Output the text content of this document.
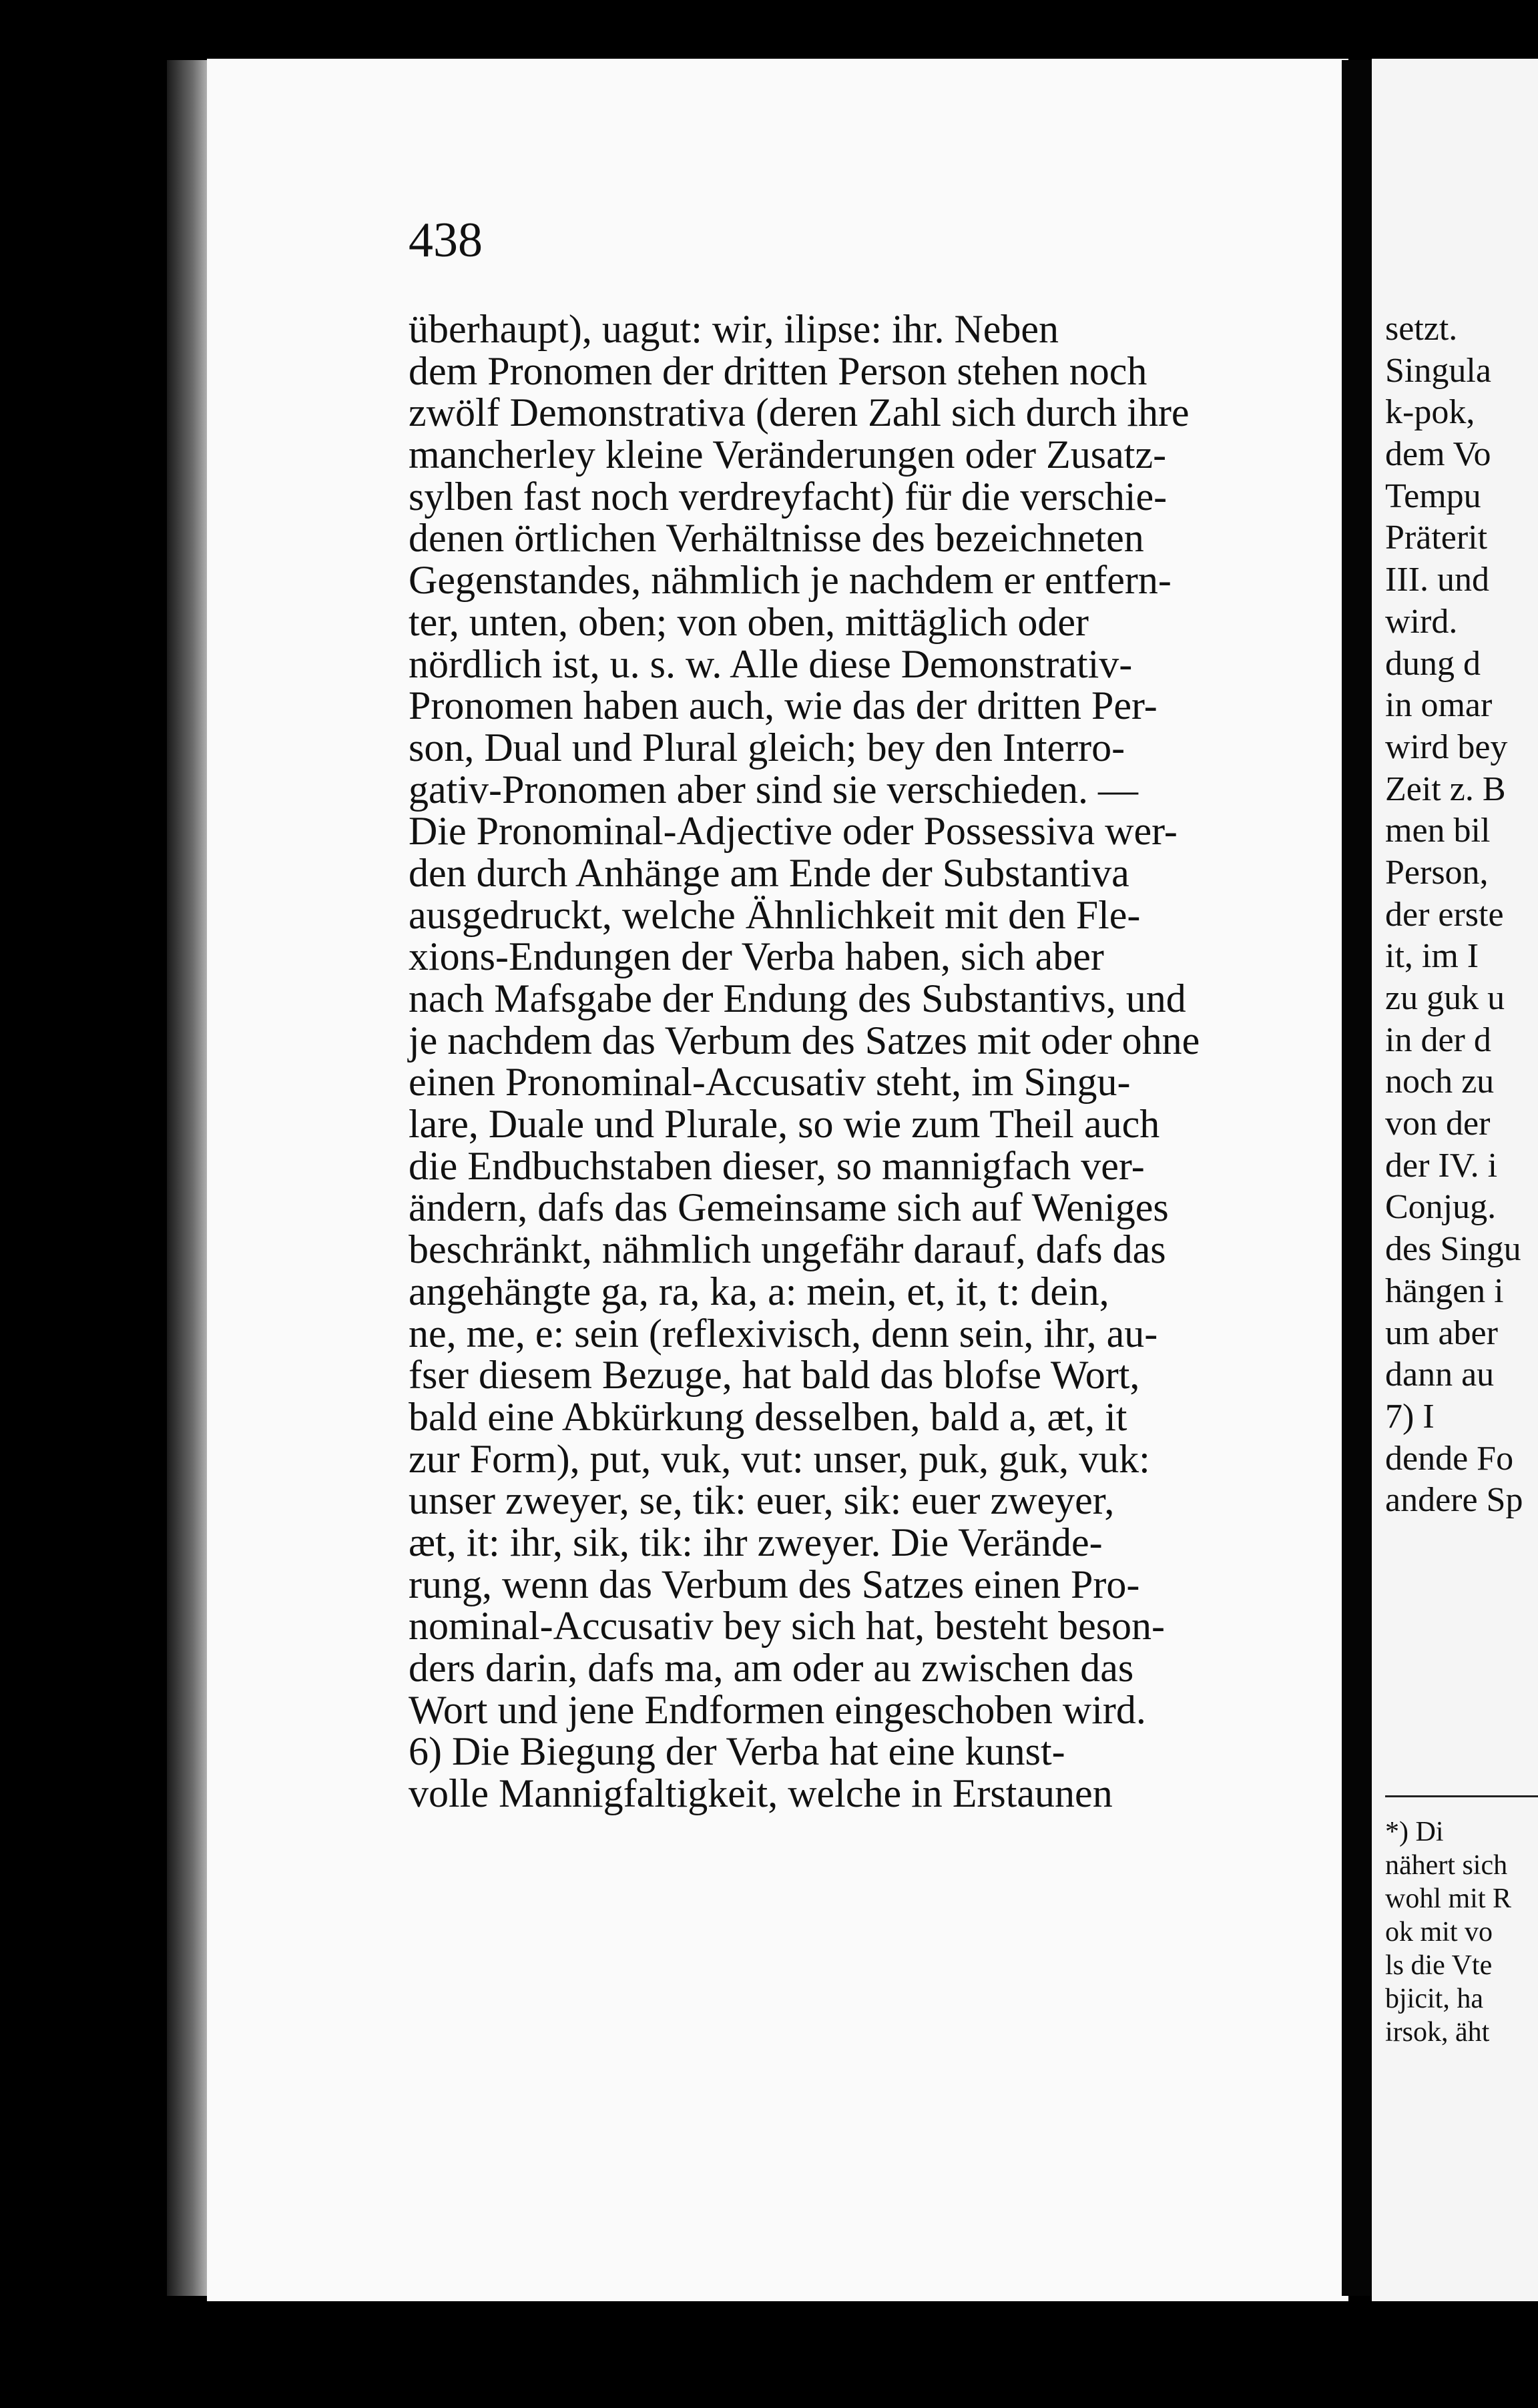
438
überhaupt), uagut: wir, ilipse: ihr. Neben
dem Pronomen der dritten Person stehen noch
zwölf Demonstrativa (deren Zahl sich durch ihre
mancherley kleine Veränderungen oder Zusatz-
sylben fast noch verdreyfacht) für die verschie-
denen örtlichen Verhältnisse des bezeichneten
Gegenstandes, nähmlich je nachdem er entfern-
ter, unten, oben; von oben, mittäglich oder
nördlich ist, u. s. w. Alle diese Demonstrativ-
Pronomen haben auch, wie das der dritten Per-
son, Dual und Plural gleich; bey den Interro-
gativ-Pronomen aber sind sie verschieden. —
Die Pronominal-Adjective oder Possessiva wer-
den durch Anhänge am Ende der Substantiva
ausgedruckt, welche Ähnlichkeit mit den Fle-
xions-Endungen der Verba haben, sich aber
nach Mafsgabe der Endung des Substantivs, und
je nachdem das Verbum des Satzes mit oder ohne
einen Pronominal-Accusativ steht, im Singu-
lare, Duale und Plurale, so wie zum Theil auch
die Endbuchstaben dieser, so mannigfach ver-
ändern, dafs das Gemeinsame sich auf Weniges
beschränkt, nähmlich ungefähr darauf, dafs das
angehängte ga, ra, ka, a: mein, et, it, t: dein,
ne, me, e: sein (reflexivisch, denn sein, ihr, au-
fser diesem Bezuge, hat bald das blofse Wort,
bald eine Abkürkung desselben, bald a, æt, it
zur Form), put, vuk, vut: unser, puk, guk, vuk:
unser zweyer, se, tik: euer, sik: euer zweyer,
æt, it: ihr, sik, tik: ihr zweyer. Die Verände-
rung, wenn das Verbum des Satzes einen Pro-
nominal-Accusativ bey sich hat, besteht beson-
ders darin, dafs ma, am oder au zwischen das
Wort und jene Endformen eingeschoben wird.
6) Die Biegung der Verba hat eine kunst-
volle Mannigfaltigkeit, welche in Erstaunen
setzt.
Singula
k-pok,
dem Vo
Tempu
Präterit
III. und
wird.
dung d
in omar
wird bey
Zeit z. B
men bil
Person,
der erste
it, im I
zu guk u
in der d
noch zu
von der
der IV. i
Conjug.
des Singu
hängen i
um aber
dann au
7) I
dende Fo
andere Sp
*) Di
nähert sich
wohl mit R
ok mit vo
ls die Vte
bjicit, ha
irsok, äht
